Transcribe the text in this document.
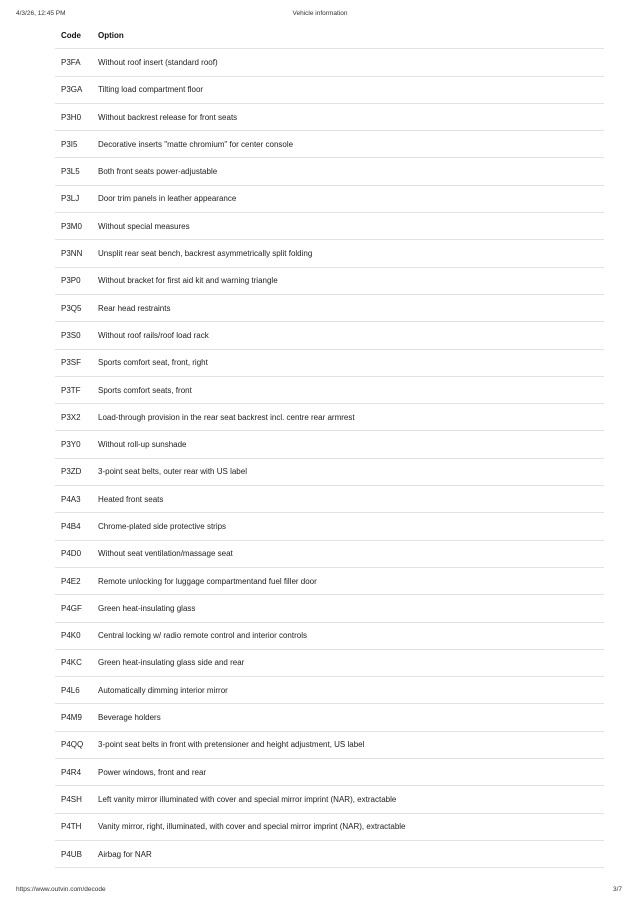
4/3/26, 12:45 PM	Vehicle information
Code	Option
P3FA	Without roof insert (standard roof)
P3GA	Tilting load compartment floor
P3H0	Without backrest release for front seats
P3I5	Decorative inserts "matte chromium" for center console
P3L5	Both front seats power-adjustable
P3LJ	Door trim panels in leather appearance
P3M0	Without special measures
P3NN	Unsplit rear seat bench, backrest asymmetrically split folding
P3P0	Without bracket for first aid kit and warning triangle
P3Q5	Rear head restraints
P3S0	Without roof rails/roof load rack
P3SF	Sports comfort seat, front, right
P3TF	Sports comfort seats, front
P3X2	Load-through provision in the rear seat backrest incl. centre rear armrest
P3Y0	Without roll-up sunshade
P3ZD	3-point seat belts, outer rear with US label
P4A3	Heated front seats
P4B4	Chrome-plated side protective strips
P4D0	Without seat ventilation/massage seat
P4E2	Remote unlocking for luggage compartmentand fuel filler door
P4GF	Green heat-insulating glass
P4K0	Central locking w/ radio remote control and interior controls
P4KC	Green heat-insulating glass side and rear
P4L6	Automatically dimming interior mirror
P4M9	Beverage holders
P4QQ	3-point seat belts in front with pretensioner and height adjustment, US label
P4R4	Power windows, front and rear
P4SH	Left vanity mirror illuminated with cover and special mirror imprint (NAR), extractable
P4TH	Vanity mirror, right, illuminated, with cover and special mirror imprint (NAR), extractable
P4UB	Airbag for NAR
https://www.outvin.com/decode	3/7
